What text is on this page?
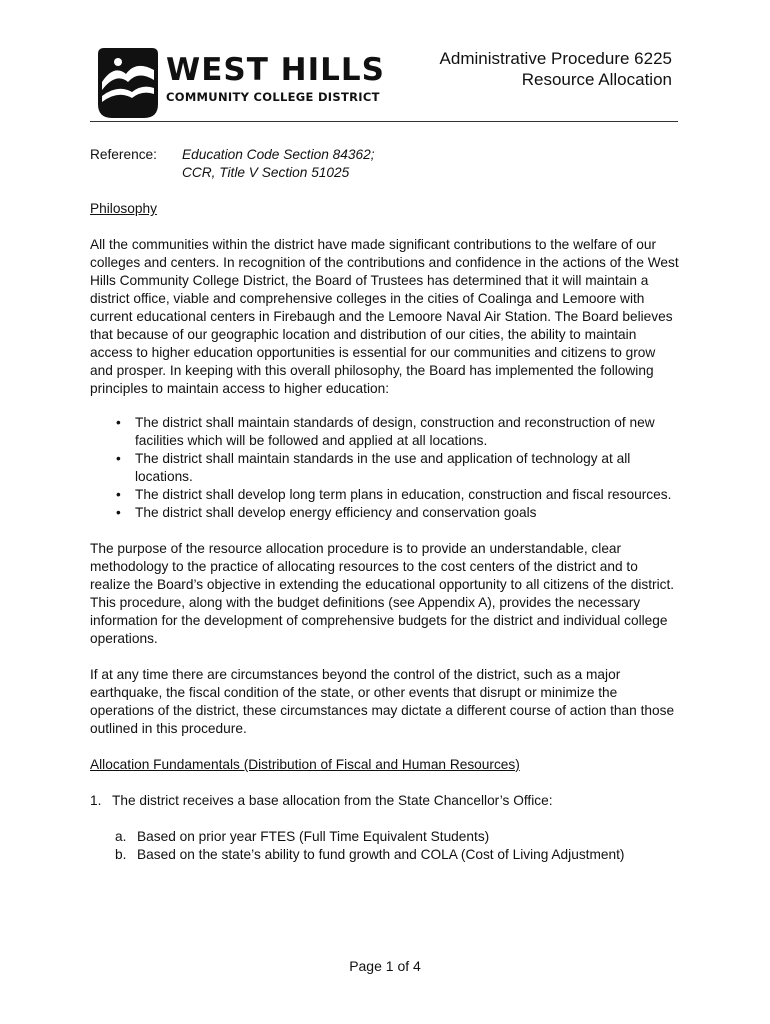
WEST HILLS
COMMUNITY COLLEGE DISTRICT
Administrative Procedure 6225
Resource Allocation
Reference:	Education Code Section 84362;
CCR, Title V Section 51025
Philosophy

All the communities within the district have made significant contributions to the welfare of our colleges and centers. In recognition of the contributions and confidence in the actions of the West Hills Community College District, the Board of Trustees has determined that it will maintain a district office, viable and comprehensive colleges in the cities of Coalinga and Lemoore with current educational centers in Firebaugh and the Lemoore Naval Air Station. The Board believes that because of our geographic location and distribution of our cities, the ability to maintain access to higher education opportunities is essential for our communities and citizens to grow and prosper. In keeping with this overall philosophy, the Board has implemented the following principles to maintain access to higher education:

• The district shall maintain standards of design, construction and reconstruction of new facilities which will be followed and applied at all locations.
• The district shall maintain standards in the use and application of technology at all locations.
• The district shall develop long term plans in education, construction and fiscal resources.
• The district shall develop energy efficiency and conservation goals

The purpose of the resource allocation procedure is to provide an understandable, clear methodology to the practice of allocating resources to the cost centers of the district and to realize the Board’s objective in extending the educational opportunity to all citizens of the district. This procedure, along with the budget definitions (see Appendix A), provides the necessary information for the development of comprehensive budgets for the district and individual college operations.

If at any time there are circumstances beyond the control of the district, such as a major earthquake, the fiscal condition of the state, or other events that disrupt or minimize the operations of the district, these circumstances may dictate a different course of action than those outlined in this procedure.

Allocation Fundamentals (Distribution of Fiscal and Human Resources)
1. The district receives a base allocation from the State Chancellor’s Office:
a. Based on prior year FTES (Full Time Equivalent Students)
b. Based on the state’s ability to fund growth and COLA (Cost of Living Adjustment)
Page 1 of 4
